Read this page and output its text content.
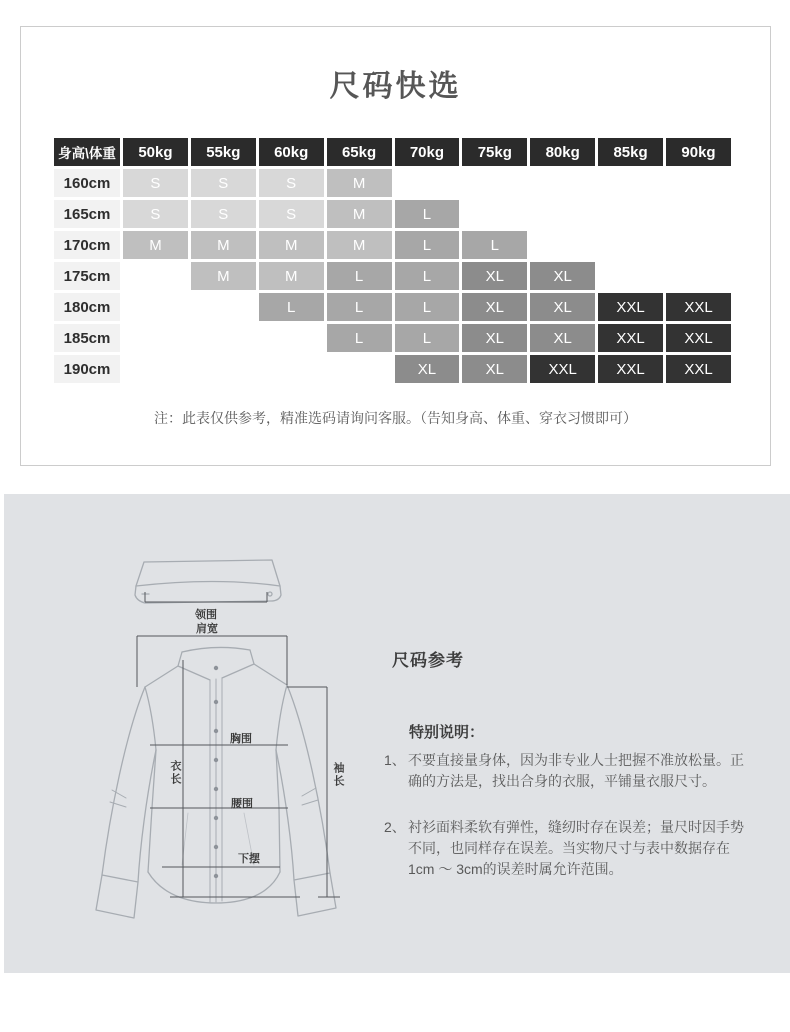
尺码快选
身高\体重	50kg	55kg	60kg	65kg	70kg	75kg	80kg	85kg	90kg
160cm	S	S	S	M					
165cm	S	S	S	M	L				
170cm	M	M	M	M	L	L			
175cm		M	M	L	L	XL	XL		
180cm			L	L	L	XL	XL	XXL	XXL
185cm				L	L	XL	XL	XXL	XXL
190cm					XL	XL	XXL	XXL	XXL
注：此表仅供参考，精准选码请询问客服。（告知身高、体重、穿衣习惯即可）
领围
肩宽
胸围
腰围
下摆
衣长	袖长
尺码参考
特别说明：
1、 不要直接量身体，因为非专业人士把握不准放松量。正确的方法是，找出合身的衣服，平铺量衣服尺寸。

2、 衬衫面料柔软有弹性，缝纫时存在误差；量尺时因手势不同，也同样存在误差。当实物尺寸与表中数据存在1cm ～ 3cm的误差时属允许范围。
